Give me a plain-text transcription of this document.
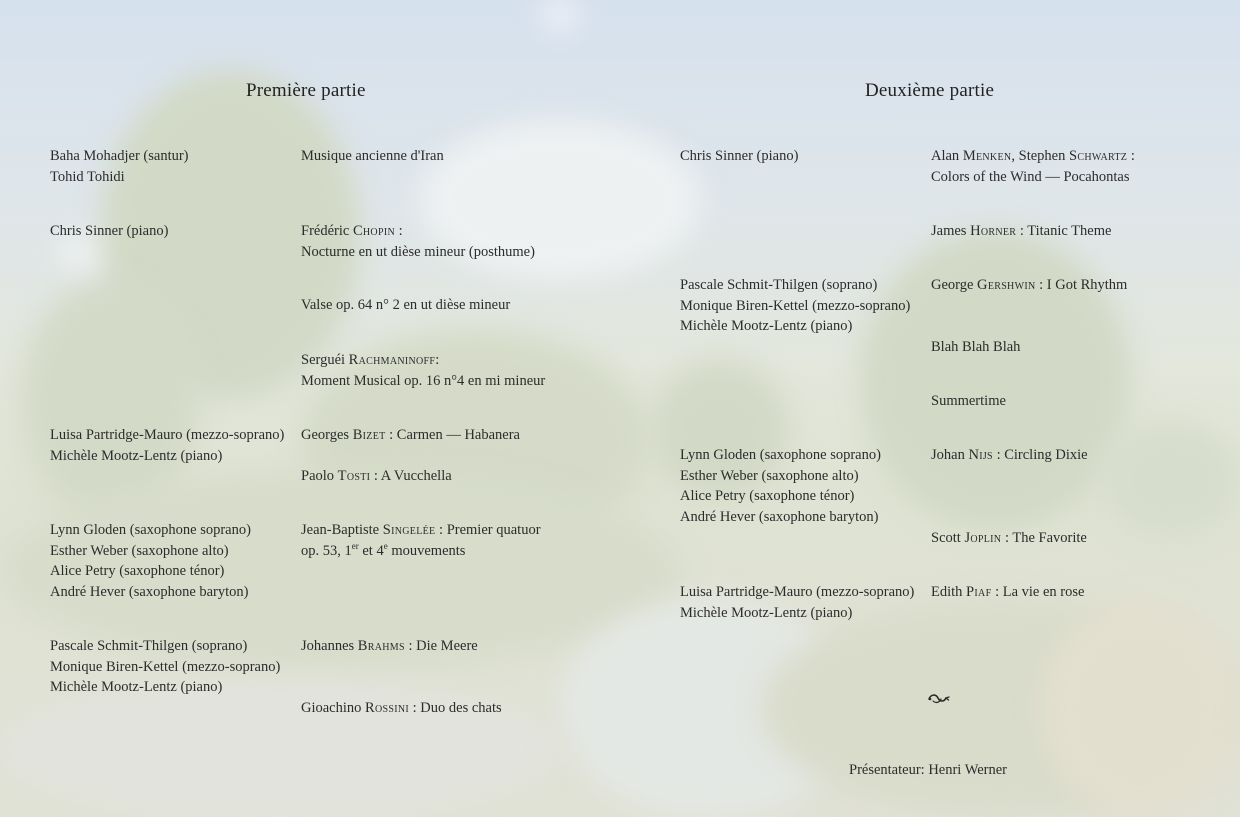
Première partie	Deuxième partie
Baha Mohadjer (santur)
Tohid Tohidi
Chris Sinner (piano)
Luisa Partridge-Mauro (mezzo-soprano)
Michèle Mootz-Lentz (piano)
Lynn Gloden (saxophone soprano)
Esther Weber (saxophone alto)
Alice Petry (saxophone ténor)
André Hever (saxophone baryton)
Pascale Schmit-Thilgen (soprano)
Monique Biren-Kettel (mezzo-soprano)
Michèle Mootz-Lentz (piano)
Musique ancienne d'Iran
Frédéric Chopin :
Nocturne en ut dièse mineur (posthume)
Valse op. 64 n° 2 en ut dièse mineur
Serguéi Rachmaninoff:
Moment Musical op. 16 n°4 en mi mineur
Georges Bizet : Carmen — Habanera
Paolo Tosti : A Vucchella
Jean-Baptiste Singelée : Premier quatuor
op. 53, 1er et 4e mouvements
Johannes Brahms : Die Meere
Gioachino Rossini : Duo des chats
Chris Sinner (piano)
Pascale Schmit-Thilgen (soprano)
Monique Biren-Kettel (mezzo-soprano)
Michèle Mootz-Lentz (piano)
Lynn Gloden (saxophone soprano)
Esther Weber (saxophone alto)
Alice Petry (saxophone ténor)
André Hever (saxophone baryton)
Luisa Partridge-Mauro (mezzo-soprano)
Michèle Mootz-Lentz (piano)
Alan Menken, Stephen Schwartz :
Colors of the Wind — Pocahontas
James Horner : Titanic Theme
George Gershwin : I Got Rhythm
Blah Blah Blah
Summertime
Johan Nijs : Circling Dixie
Scott Joplin : The Favorite
Edith Piaf : La vie en rose
Présentateur: Henri Werner
